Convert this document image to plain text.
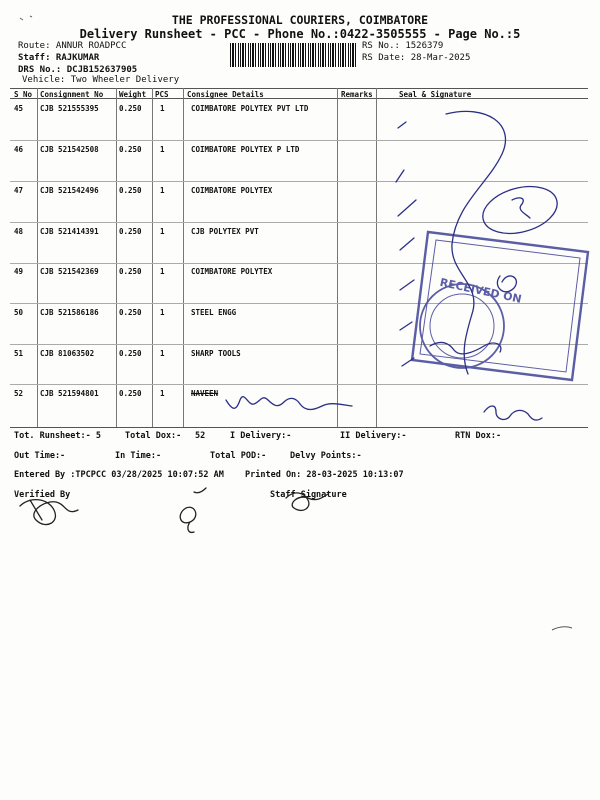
THE PROFESSIONAL COURIERS, COIMBATORE
Delivery Runsheet - PCC - Phone No.:0422-3505555 - Page No.:5
Route: ANNUR ROADPCC
Staff: RAJKUMAR
DRS No.: DCJB152637905
Vehicle: Two Wheeler Delivery
RS No.: 1526379
RS Date: 28-Mar-2025
S No Consignment No Weight PCS Consignee Details	Remarks	Seal & Signature
45 CJB 521555395	0.250 1	COIMBATORE POLYTEX PVT LTD
46 CJB 521542508	0.250 1	COIMBATORE POLYTEX P LTD
47 CJB 521542496	0.250 1	COIMBATORE POLYTEX
48 CJB 521414391	0.250 1	CJB POLYTEX PVT
49 CJB 521542369	0.250 1	COIMBATORE POLYTEX
50 CJB 521586186	0.250 1	STEEL ENGG
51 CJB 81063502	0.250 1	SHARP TOOLS
52 CJB 521594801	0.250 1	NAVEEN
Tot. Runsheet:- 5	Total Dox:- 52	I Delivery:-	II Delivery:-	RTN Dox:-
Out Time:-	In Time:-	Total POD:-	Delvy Points:-
Entered By :TPCPCC 03/28/2025 10:07:52 AM Printed On: 28-03-2025 10:13:07
Verified By	Staff Signature
RECEIVED ON
